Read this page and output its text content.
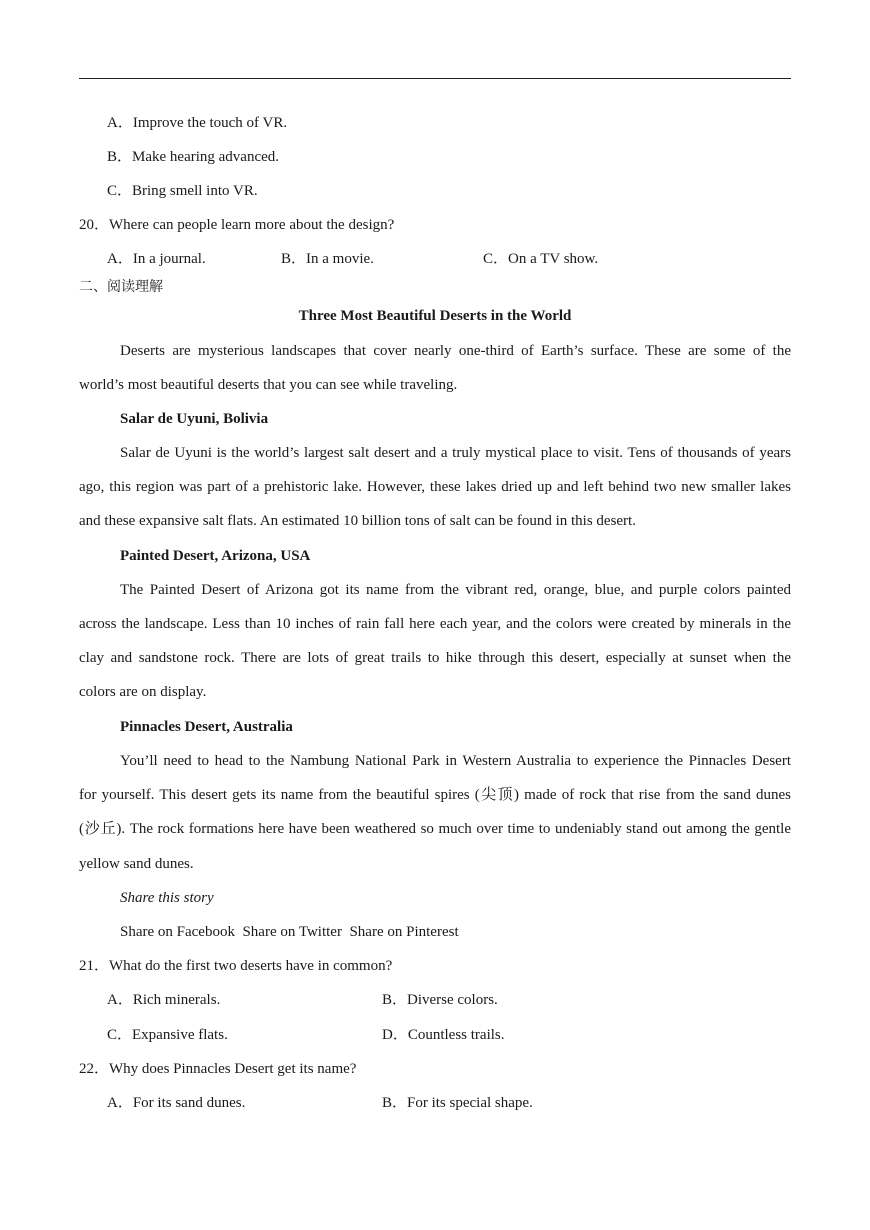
A．Improve the touch of VR.
B．Make hearing advanced.
C．Bring smell into VR.
20．Where can people learn more about the design?
A．In a journal.	B．In a movie.	C．On a TV show.
二、阅读理解
Three Most Beautiful Deserts in the World
Deserts are mysterious landscapes that cover nearly one-third of Earth’s surface. These are some of the
world’s most beautiful deserts that you can see while traveling.
Salar de Uyuni, Bolivia
Salar de Uyuni is the world’s largest salt desert and a truly mystical place to visit. Tens of thousands of years
ago, this region was part of a prehistoric lake. However, these lakes dried up and left behind two new smaller lakes
and these expansive salt flats. An estimated 10 billion tons of salt can be found in this desert.
Painted Desert, Arizona, USA
The Painted Desert of Arizona got its name from the vibrant red, orange, blue, and purple colors painted
across the landscape. Less than 10 inches of rain fall here each year, and the colors were created by minerals in the
clay and sandstone rock. There are lots of great trails to hike through this desert, especially at sunset when the
colors are on display.
Pinnacles Desert, Australia
You’ll need to head to the Nambung National Park in Western Australia to experience the Pinnacles Desert
for yourself. This desert gets its name from the beautiful spires (尖顶) made of rock that rise from the sand dunes
(沙丘). The rock formations here have been weathered so much over time to undeniably stand out among the gentle
yellow sand dunes.
Share this story
Share on Facebook Share on Twitter Share on Pinterest
21．What do the first two deserts have in common?
A．Rich minerals.	B．Diverse colors.
C．Expansive flats.	D．Countless trails.
22．Why does Pinnacles Desert get its name?
A．For its sand dunes.	B．For its special shape.
